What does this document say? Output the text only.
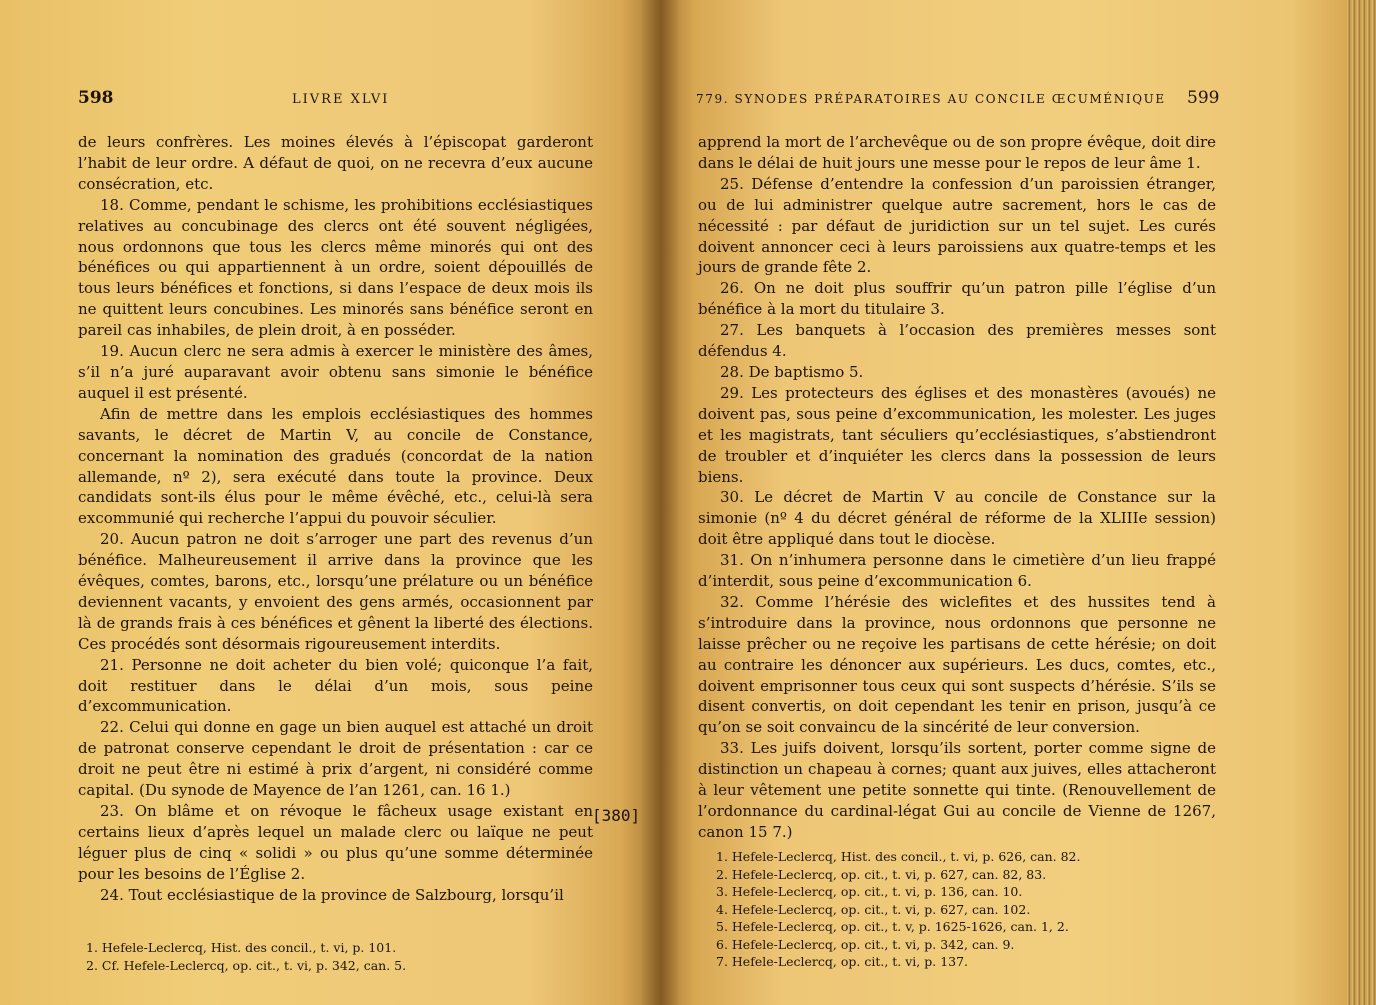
598	LIVRE XLVI

de leurs confrères. Les moines élevés à l’épiscopat garderont l’habit de leur ordre. A défaut de quoi, on ne recevra d’eux aucune consécration, etc.

18. Comme, pendant le schisme, les prohibitions ecclésiastiques relatives au concubinage des clercs ont été souvent négligées, nous ordonnons que tous les clercs même minorés qui ont des bénéfices ou qui appartiennent à un ordre, soient dépouillés de tous leurs bénéfices et fonctions, si dans l’espace de deux mois ils ne quittent leurs concubines. Les minorés sans bénéfice seront en pareil cas inhabiles, de plein droit, à en posséder.

19. Aucun clerc ne sera admis à exercer le ministère des âmes, s’il n’a juré auparavant avoir obtenu sans simonie le bénéfice auquel il est présenté.

Afin de mettre dans les emplois ecclésiastiques des hommes savants, le décret de Martin V, au concile de Constance, concernant la nomination des gradués (concordat de la nation allemande, nº 2), sera exécuté dans toute la province. Deux candidats sont-ils élus pour le même évêché, etc., celui-là sera excommunié qui recherche l’appui du pouvoir séculier.

20. Aucun patron ne doit s’arroger une part des revenus d’un bénéfice. Malheureusement il arrive dans la province que les évêques, comtes, barons, etc., lorsqu’une prélature ou un bénéfice deviennent vacants, y envoient des gens armés, occasionnent par là de grands frais à ces bénéfices et gênent la liberté des élections. Ces procédés sont désormais rigoureusement interdits.

21. Personne ne doit acheter du bien volé; quiconque l’a fait, doit restituer dans le délai d’un mois, sous peine d’excommunication.

22. Celui qui donne en gage un bien auquel est attaché un droit de patronat conserve cependant le droit de présentation : car ce droit ne peut être ni estimé à prix d’argent, ni considéré comme capital. (Du synode de Mayence de l’an 1261, can. 16 1.)

23. On blâme et on révoque le fâcheux usage existant en certains lieux d’après lequel un malade clerc ou laïque ne peut léguer plus de cinq « solidi » ou plus qu’une somme déterminée pour les besoins de l’Église 2.

24. Tout ecclésiastique de la province de Salzbourg, lorsqu’il

[380]
1. Hefele-Leclercq, Hist. des concil., t. vi, p. 101.
2. Cf. Hefele-Leclercq, op. cit., t. vi, p. 342, can. 5.
779. SYNODES PRÉPARATOIRES AU CONCILE ŒCUMÉNIQUE 599

apprend la mort de l’archevêque ou de son propre évêque, doit dire dans le délai de huit jours une messe pour le repos de leur âme 1.

25. Défense d’entendre la confession d’un paroissien étranger, ou de lui administrer quelque autre sacrement, hors le cas de nécessité : par défaut de juridiction sur un tel sujet. Les curés doivent annoncer ceci à leurs paroissiens aux quatre-temps et les jours de grande fête 2.

26. On ne doit plus souffrir qu’un patron pille l’église d’un bénéfice à la mort du titulaire 3.

27. Les banquets à l’occasion des premières messes sont défendus 4.

28. De baptismo 5.

29. Les protecteurs des églises et des monastères (avoués) ne doivent pas, sous peine d’excommunication, les molester. Les juges et les magistrats, tant séculiers qu’ecclésiastiques, s’abstiendront de troubler et d’inquiéter les clercs dans la possession de leurs biens.

30. Le décret de Martin V au concile de Constance sur la simonie (nº 4 du décret général de réforme de la XLIIIe session) doit être appliqué dans tout le diocèse.

31. On n’inhumera personne dans le cimetière d’un lieu frappé d’interdit, sous peine d’excommunication 6.

32. Comme l’hérésie des wiclefites et des hussites tend à s’introduire dans la province, nous ordonnons que personne ne laisse prêcher ou ne reçoive les partisans de cette hérésie; on doit au contraire les dénoncer aux supérieurs. Les ducs, comtes, etc., doivent emprisonner tous ceux qui sont suspects d’hérésie. S’ils se disent convertis, on doit cependant les tenir en prison, jusqu’à ce qu’on se soit convaincu de la sincérité de leur conversion.

33. Les juifs doivent, lorsqu’ils sortent, porter comme signe de distinction un chapeau à cornes; quant aux juives, elles attacheront à leur vêtement une petite sonnette qui tinte. (Renouvellement de l’ordonnance du cardinal-légat Gui au concile de Vienne de 1267, canon 15 7.)

1. Hefele-Leclercq, Hist. des concil., t. vi, p. 626, can. 82.
2. Hefele-Leclercq, op. cit., t. vi, p. 627, can. 82, 83.
3. Hefele-Leclercq, op. cit., t. vi, p. 136, can. 10.
4. Hefele-Leclercq, op. cit., t. vi, p. 627, can. 102.
5. Hefele-Leclercq, op. cit., t. v, p. 1625-1626, can. 1, 2.
6. Hefele-Leclercq, op. cit., t. vi, p. 342, can. 9.
7. Hefele-Leclercq, op. cit., t. vi, p. 137.
